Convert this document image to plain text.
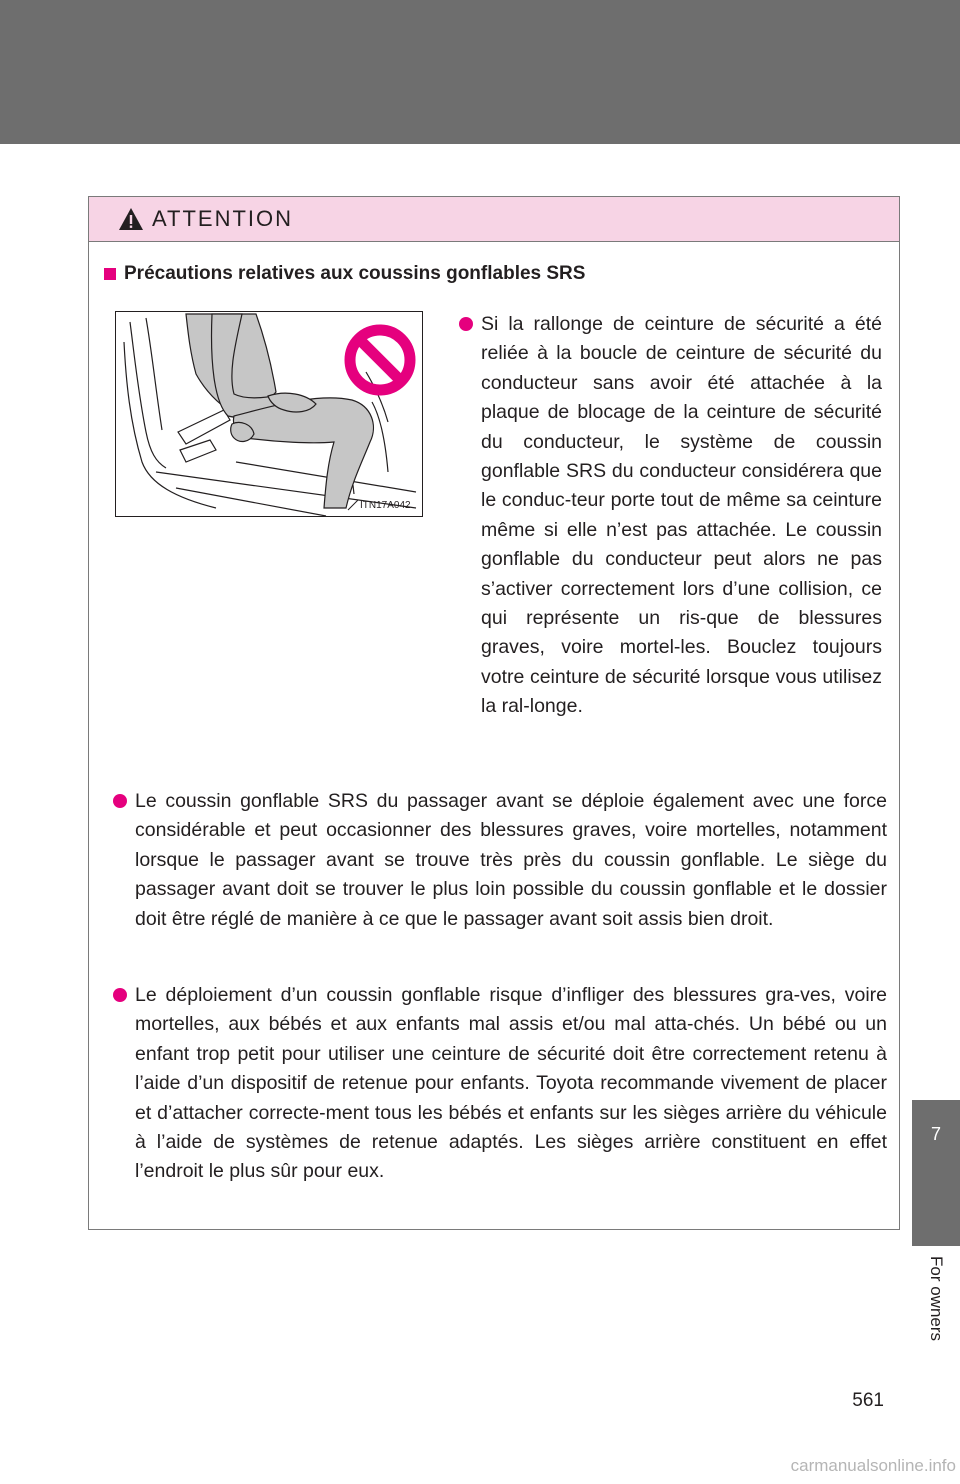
ATTENTION
Précautions relatives aux coussins gonflables SRS
ITN17A042
Si la rallonge de ceinture de sécurité a été reliée à la boucle de ceinture de sécurité du conducteur sans avoir été attachée à la plaque de blocage de la ceinture de sécurité du conducteur, le système de coussin gonflable SRS du conducteur considérera que le conduc-teur porte tout de même sa ceinture même si elle n’est pas attachée. Le coussin gonflable du conducteur peut alors ne pas s’activer correctement lors d’une collision, ce qui représente un ris-que de blessures graves, voire mortel-les. Bouclez toujours votre ceinture de sécurité lorsque vous utilisez la ral-longe.
Le coussin gonflable SRS du passager avant se déploie également avec une force considérable et peut occasionner des blessures graves, voire mortelles, notamment lorsque le passager avant se trouve très près du coussin gonflable. Le siège du passager avant doit se trouver le plus loin possible du coussin gonflable et le dossier doit être réglé de manière à ce que le passager avant soit assis bien droit.
Le déploiement d’un coussin gonflable risque d’infliger des blessures gra-ves, voire mortelles, aux bébés et aux enfants mal assis et/ou mal atta-chés. Un bébé ou un enfant trop petit pour utiliser une ceinture de sécurité doit être correctement retenu à l’aide d’un dispositif de retenue pour enfants. Toyota recommande vivement de placer et d’attacher correcte-ment tous les bébés et enfants sur les sièges arrière du véhicule à l’aide de systèmes de retenue adaptés. Les sièges arrière constituent en effet l’endroit le plus sûr pour eux.
7
For owners
561
carmanualsonline.info
